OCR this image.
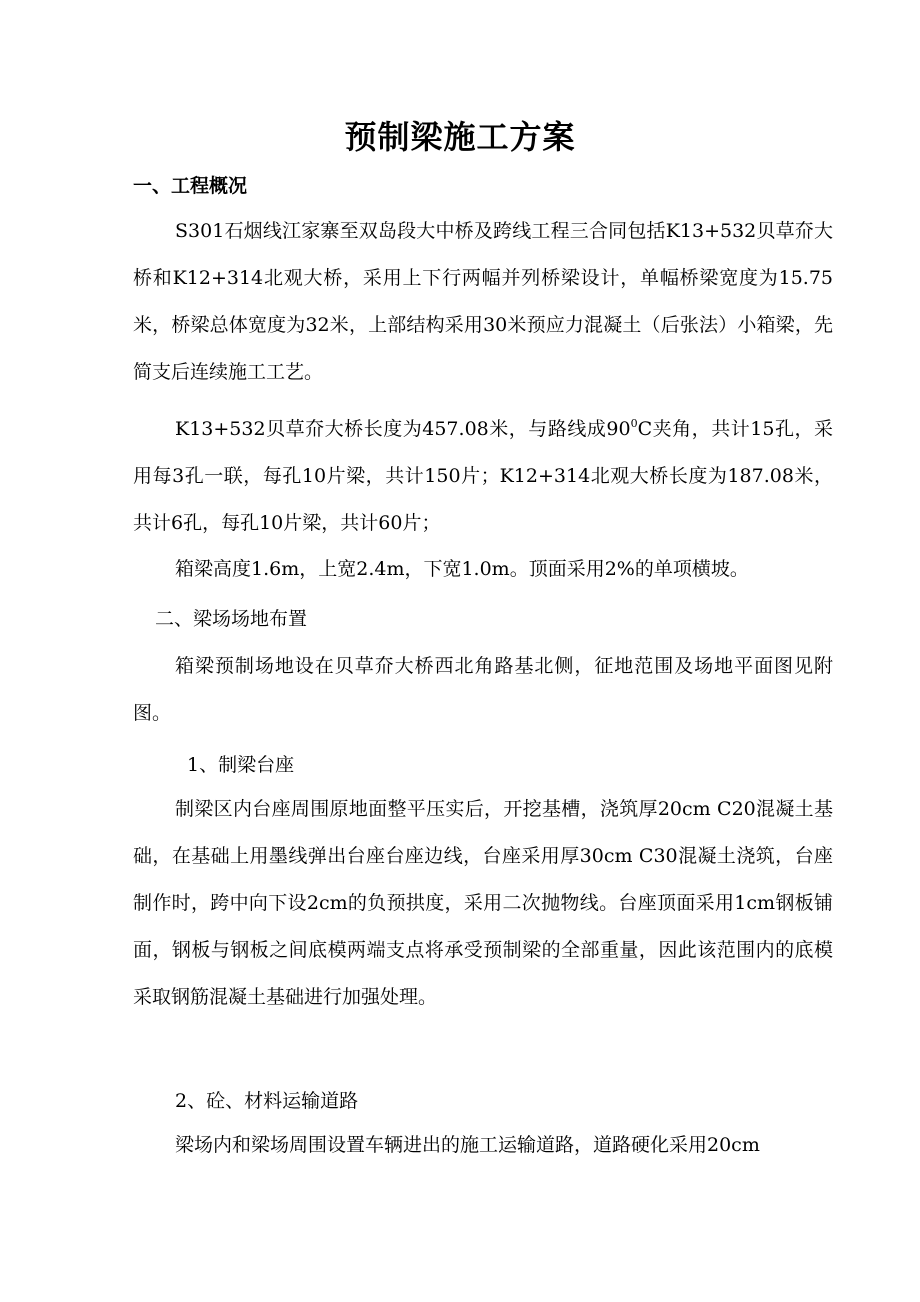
预制梁施工方案
一、工程概况

S301石烟线江家寨至双岛段大中桥及跨线工程三合同包括K13+532贝草夼大桥和K12+314北观大桥，采用上下行两幅并列桥梁设计，单幅桥梁宽度为15.75米，桥梁总体宽度为32米，上部结构采用30米预应力混凝土（后张法）小箱梁，先简支后连续施工工艺。

K13+532贝草夼大桥长度为457.08米，与路线成$90^0C$夹角，共计15孔，采用每3孔一联，每孔10片梁，共计150片；K12+314北观大桥长度为187.08米，共计6孔，每孔10片梁，共计60片；

箱梁高度1.6m，上宽2.4m，下宽1.0m。顶面采用2%的单项横坡。

二、梁场场地布置

箱梁预制场地设在贝草夼大桥西北角路基北侧，征地范围及场地平面图见附图。

1、制梁台座

制梁区内台座周围原地面整平压实后，开挖基槽，浇筑厚20cm C20混凝土基础，在基础上用墨线弹出台座台座边线，台座采用厚30cm C30混凝土浇筑，台座制作时，跨中向下设2cm的负预拱度，采用二次抛物线。台座顶面采用1cm钢板铺面，钢板与钢板之间底模两端支点将承受预制梁的全部重量，因此该范围内的底模采取钢筋混凝土基础进行加强处理。

2、砼、材料运输道路

梁场内和梁场周围设置车辆进出的施工运输道路，道路硬化采用20cm
